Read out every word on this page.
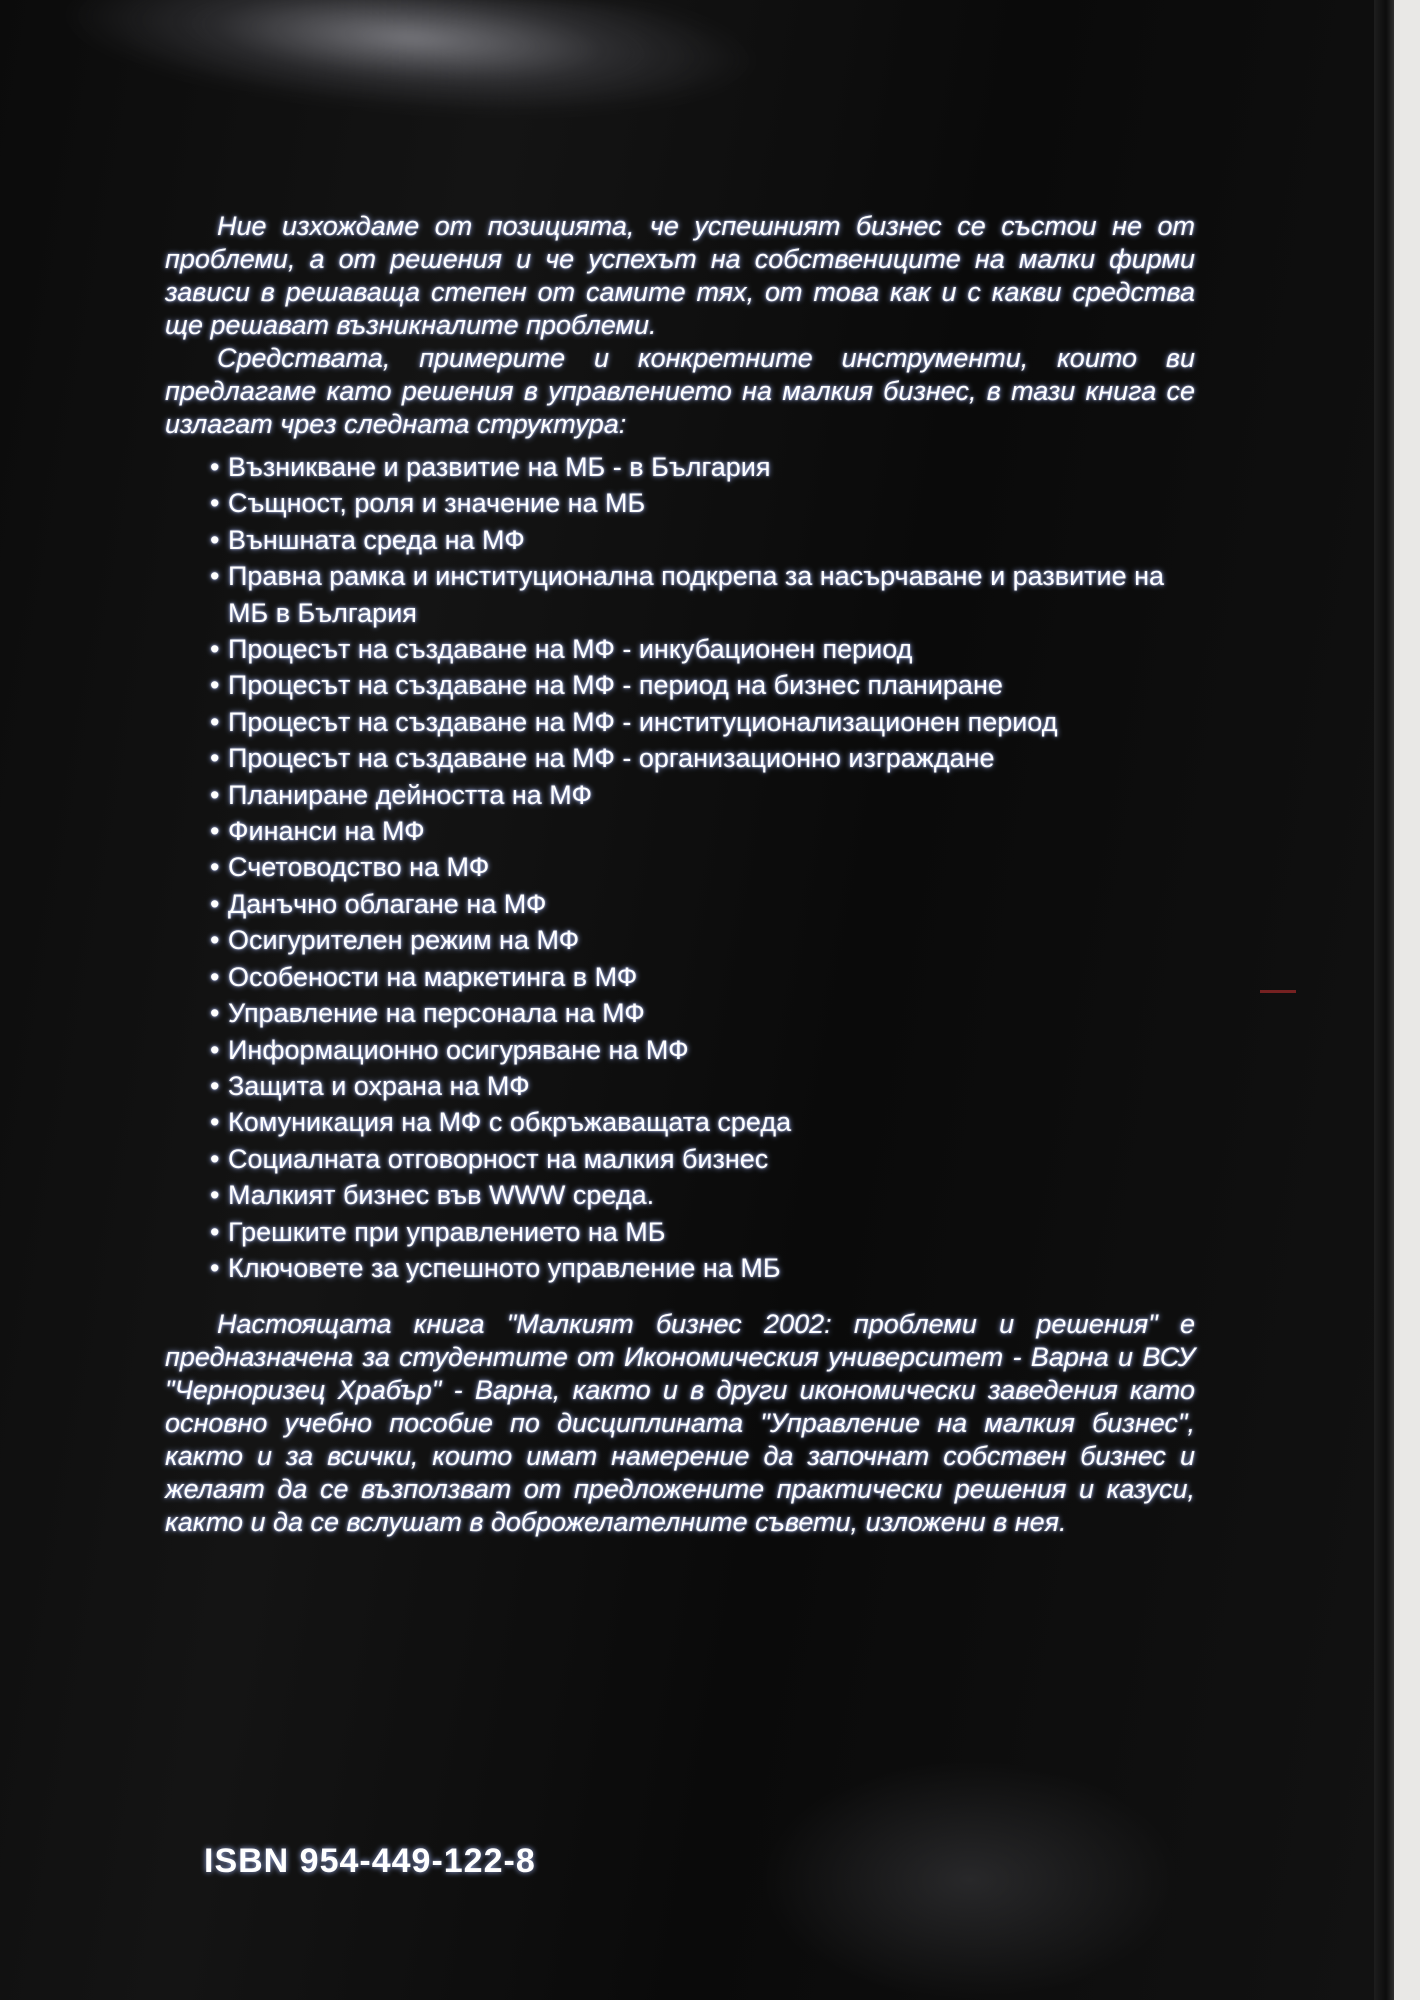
Ние изхождаме от позицията, че успешният бизнес се състои не от проблеми, а от решения и че успехът на собствениците на малки фирми зависи в решаваща степен от самите тях, от това как и с какви средства ще решават възникналите проблеми.

Средствата, примерите и конкретните инструменти, които ви предлагаме като решения в управлението на малкия бизнес, в тази книга се излагат чрез следната структура:

• Възникване и развитие на МБ - в България
• Същност, роля и значение на МБ
• Външната среда на МФ
• Правна рамка и институционална подкрепа за насърчаване и развитие на МБ в България
• Процесът на създаване на МФ - инкубационен период
• Процесът на създаване на МФ - период на бизнес планиране
• Процесът на създаване на МФ - институционализационен период
• Процесът на създаване на МФ - организационно изграждане
• Планиране дейността на МФ
• Финанси на МФ
• Счетоводство на МФ
• Данъчно облагане на МФ
• Осигурителен режим на МФ
• Особености на маркетинга в МФ
• Управление на персонала на МФ
• Информационно осигуряване на МФ
• Защита и охрана на МФ
• Комуникация на МФ с обкръжаващата среда
• Социалната отговорност на малкия бизнес
• Малкият бизнес във WWW среда.
• Грешките при управлението на МБ
• Ключовете за успешното управление на МБ

Настоящата книга "Малкият бизнес 2002: проблеми и решения" е предназначена за студентите от Икономическия университет - Варна и ВСУ "Черноризец Храбър" - Варна, както и в други икономически заведения като основно учебно пособие по дисциплината "Управление на малкия бизнес", както и за всички, които имат намерение да започнат собствен бизнес и желаят да се възползват от предложените практически решения и казуси, както и да се вслушат в доброжелателните съвети, изложени в нея.

ISBN 954-449-122-8
